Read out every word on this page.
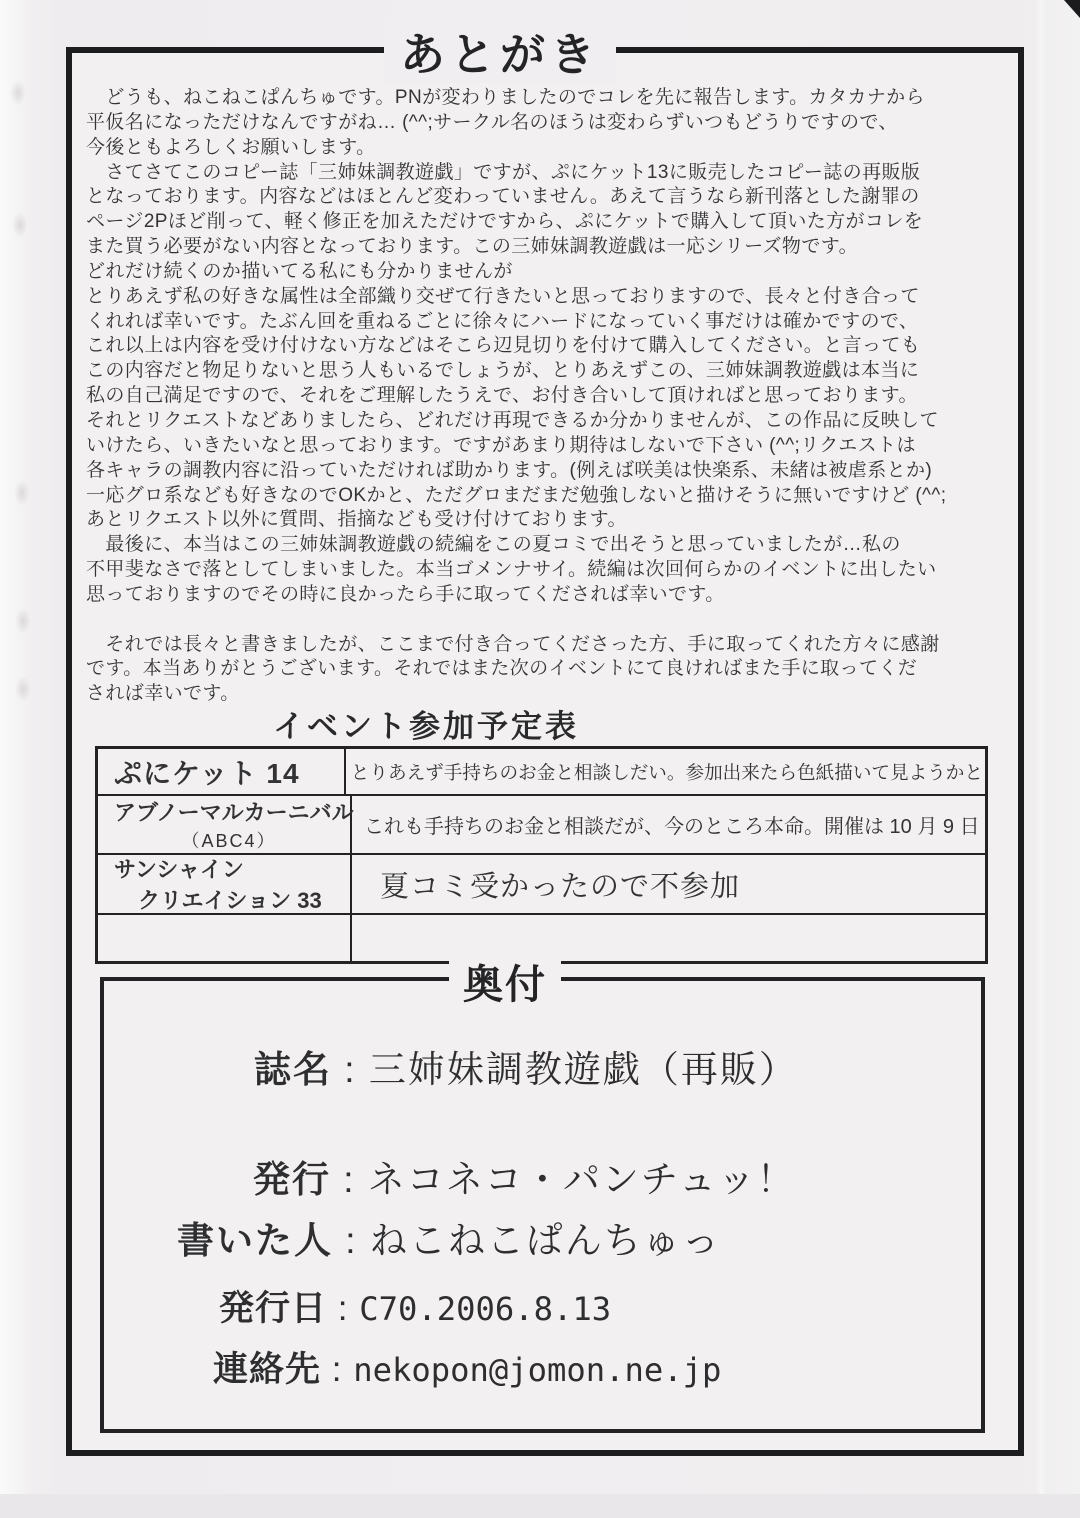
あとがき
　どうも、ねこねこぱんちゅです。PNが変わりましたのでコレを先に報告します。カタカナから
平仮名になっただけなんですがね… (^^;サークル名のほうは変わらずいつもどうりですので、
今後ともよろしくお願いします。
　さてさてこのコピー誌「三姉妹調教遊戯」ですが、ぷにケット13に販売したコピー誌の再販版
となっております。内容などはほとんど変わっていません。あえて言うなら新刊落とした謝罪の
ページ2Pほど削って、軽く修正を加えただけですから、ぷにケットで購入して頂いた方がコレを
また買う必要がない内容となっております。この三姉妹調教遊戯は一応シリーズ物です。
どれだけ続くのか描いてる私にも分かりませんが
とりあえず私の好きな属性は全部織り交ぜて行きたいと思っておりますので、長々と付き合って
くれれば幸いです。たぶん回を重ねるごとに徐々にハードになっていく事だけは確かですので、
これ以上は内容を受け付けない方などはそこら辺見切りを付けて購入してください。と言っても
この内容だと物足りないと思う人もいるでしょうが、とりあえずこの、三姉妹調教遊戯は本当に
私の自己満足ですので、それをご理解したうえで、お付き合いして頂ければと思っております。
それとリクエストなどありましたら、どれだけ再現できるか分かりませんが、この作品に反映して
いけたら、いきたいなと思っております。ですがあまり期待はしないで下さい (^^;リクエストは
各キャラの調教内容に沿っていただければ助かります。(例えば咲美は快楽系、未緒は被虐系とか)
一応グロ系なども好きなのでOKかと、ただグロまだまだ勉強しないと描けそうに無いですけど (^^;
あとリクエスト以外に質問、指摘なども受け付けております。
　最後に、本当はこの三姉妹調教遊戯の続編をこの夏コミで出そうと思っていましたが…私の
不甲斐なさで落としてしまいました。本当ゴメンナサイ。続編は次回何らかのイベントに出したい
思っておりますのでその時に良かったら手に取ってくだされば幸いです。
　それでは長々と書きましたが、ここまで付き合ってくださった方、手に取ってくれた方々に感謝
です。本当ありがとうございます。それではまた次のイベントにて良ければまた手に取ってくだ
されば幸いです。
イベント参加予定表
ぷにケット 14	とりあえず手持ちのお金と相談しだい。参加出来たら色紙描いて見ようかと
アブノーマルカーニバル
（ABC4）
これも手持ちのお金と相談だが、今のところ本命。開催は 10 月 9 日
サンシャイン
クリエイション 33	夏コミ受かったので不参加
奥付
誌名 : 三姉妹調教遊戯（再販）
発行 : ネコネコ・パンチュッ！
書いた人 : ねこねこぱんちゅっ
発行日 : C70.2006.8.13
連絡先 : nekopon@jomon.ne.jp
